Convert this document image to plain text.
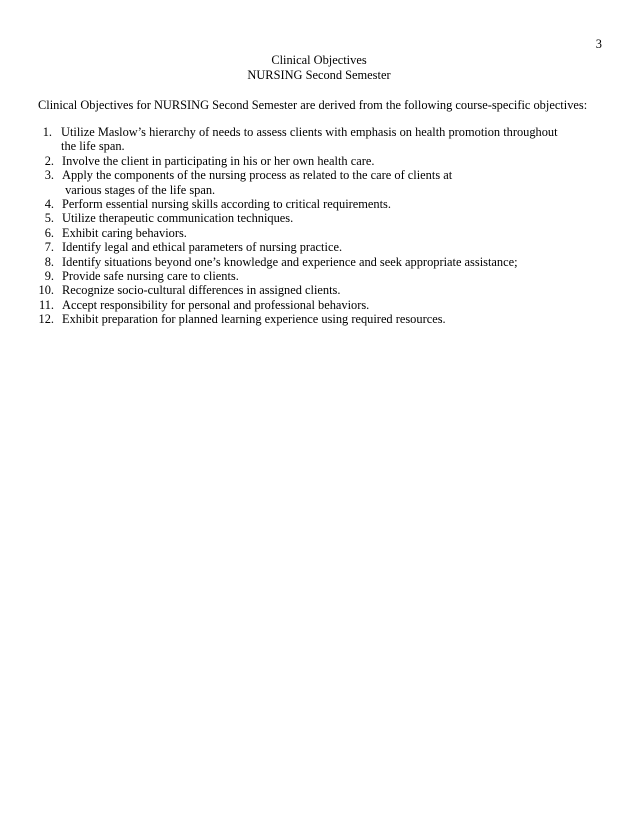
3
Clinical Objectives
NURSING Second Semester
Clinical Objectives for NURSING Second Semester are derived from the following course-specific objectives:
1. Utilize Maslow’s hierarchy of needs to assess clients with emphasis on health promotion throughout
the life span.
2. Involve the client in participating in his or her own health care.
3. Apply the components of the nursing process as related to the care of clients at
various stages of the life span.
4. Perform essential nursing skills according to critical requirements.
5. Utilize therapeutic communication techniques.
6. Exhibit caring behaviors.
7. Identify legal and ethical parameters of nursing practice.
8. Identify situations beyond one’s knowledge and experience and seek appropriate assistance;
9. Provide safe nursing care to clients.
10. Recognize socio-cultural differences in assigned clients.
11. Accept responsibility for personal and professional behaviors.
12. Exhibit preparation for planned learning experience using required resources.
